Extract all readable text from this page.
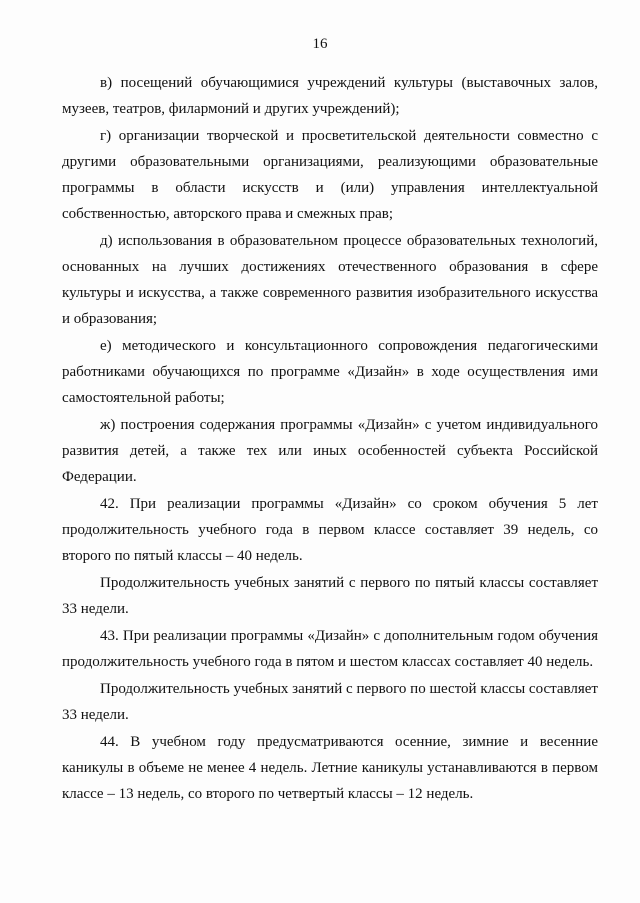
16

в) посещений обучающимися учреждений культуры (выставочных залов, музеев, театров, филармоний и других учреждений);

г) организации творческой и просветительской деятельности совместно с другими образовательными организациями, реализующими образовательные программы в области искусств и (или) управления интеллектуальной собственностью, авторского права и смежных прав;

д) использования в образовательном процессе образовательных технологий, основанных на лучших достижениях отечественного образования в сфере культуры и искусства, а также современного развития изобразительного искусства и образования;

е) методического и консультационного сопровождения педагогическими работниками обучающихся по программе «Дизайн» в ходе осуществления ими самостоятельной работы;

ж) построения содержания программы «Дизайн» с учетом индивидуального развития детей, а также тех или иных особенностей субъекта Российской Федерации.

42. При реализации программы «Дизайн» со сроком обучения 5 лет продолжительность учебного года в первом классе составляет 39 недель, со второго по пятый классы – 40 недель.

Продолжительность учебных занятий с первого по пятый классы составляет 33 недели.

43. При реализации программы «Дизайн» с дополнительным годом обучения продолжительность учебного года в пятом и шестом классах составляет 40 недель.

Продолжительность учебных занятий с первого по шестой классы составляет 33 недели.

44. В учебном году предусматриваются осенние, зимние и весенние каникулы в объеме не менее 4 недель. Летние каникулы устанавливаются в первом классе – 13 недель, со второго по четвертый классы – 12 недель.
